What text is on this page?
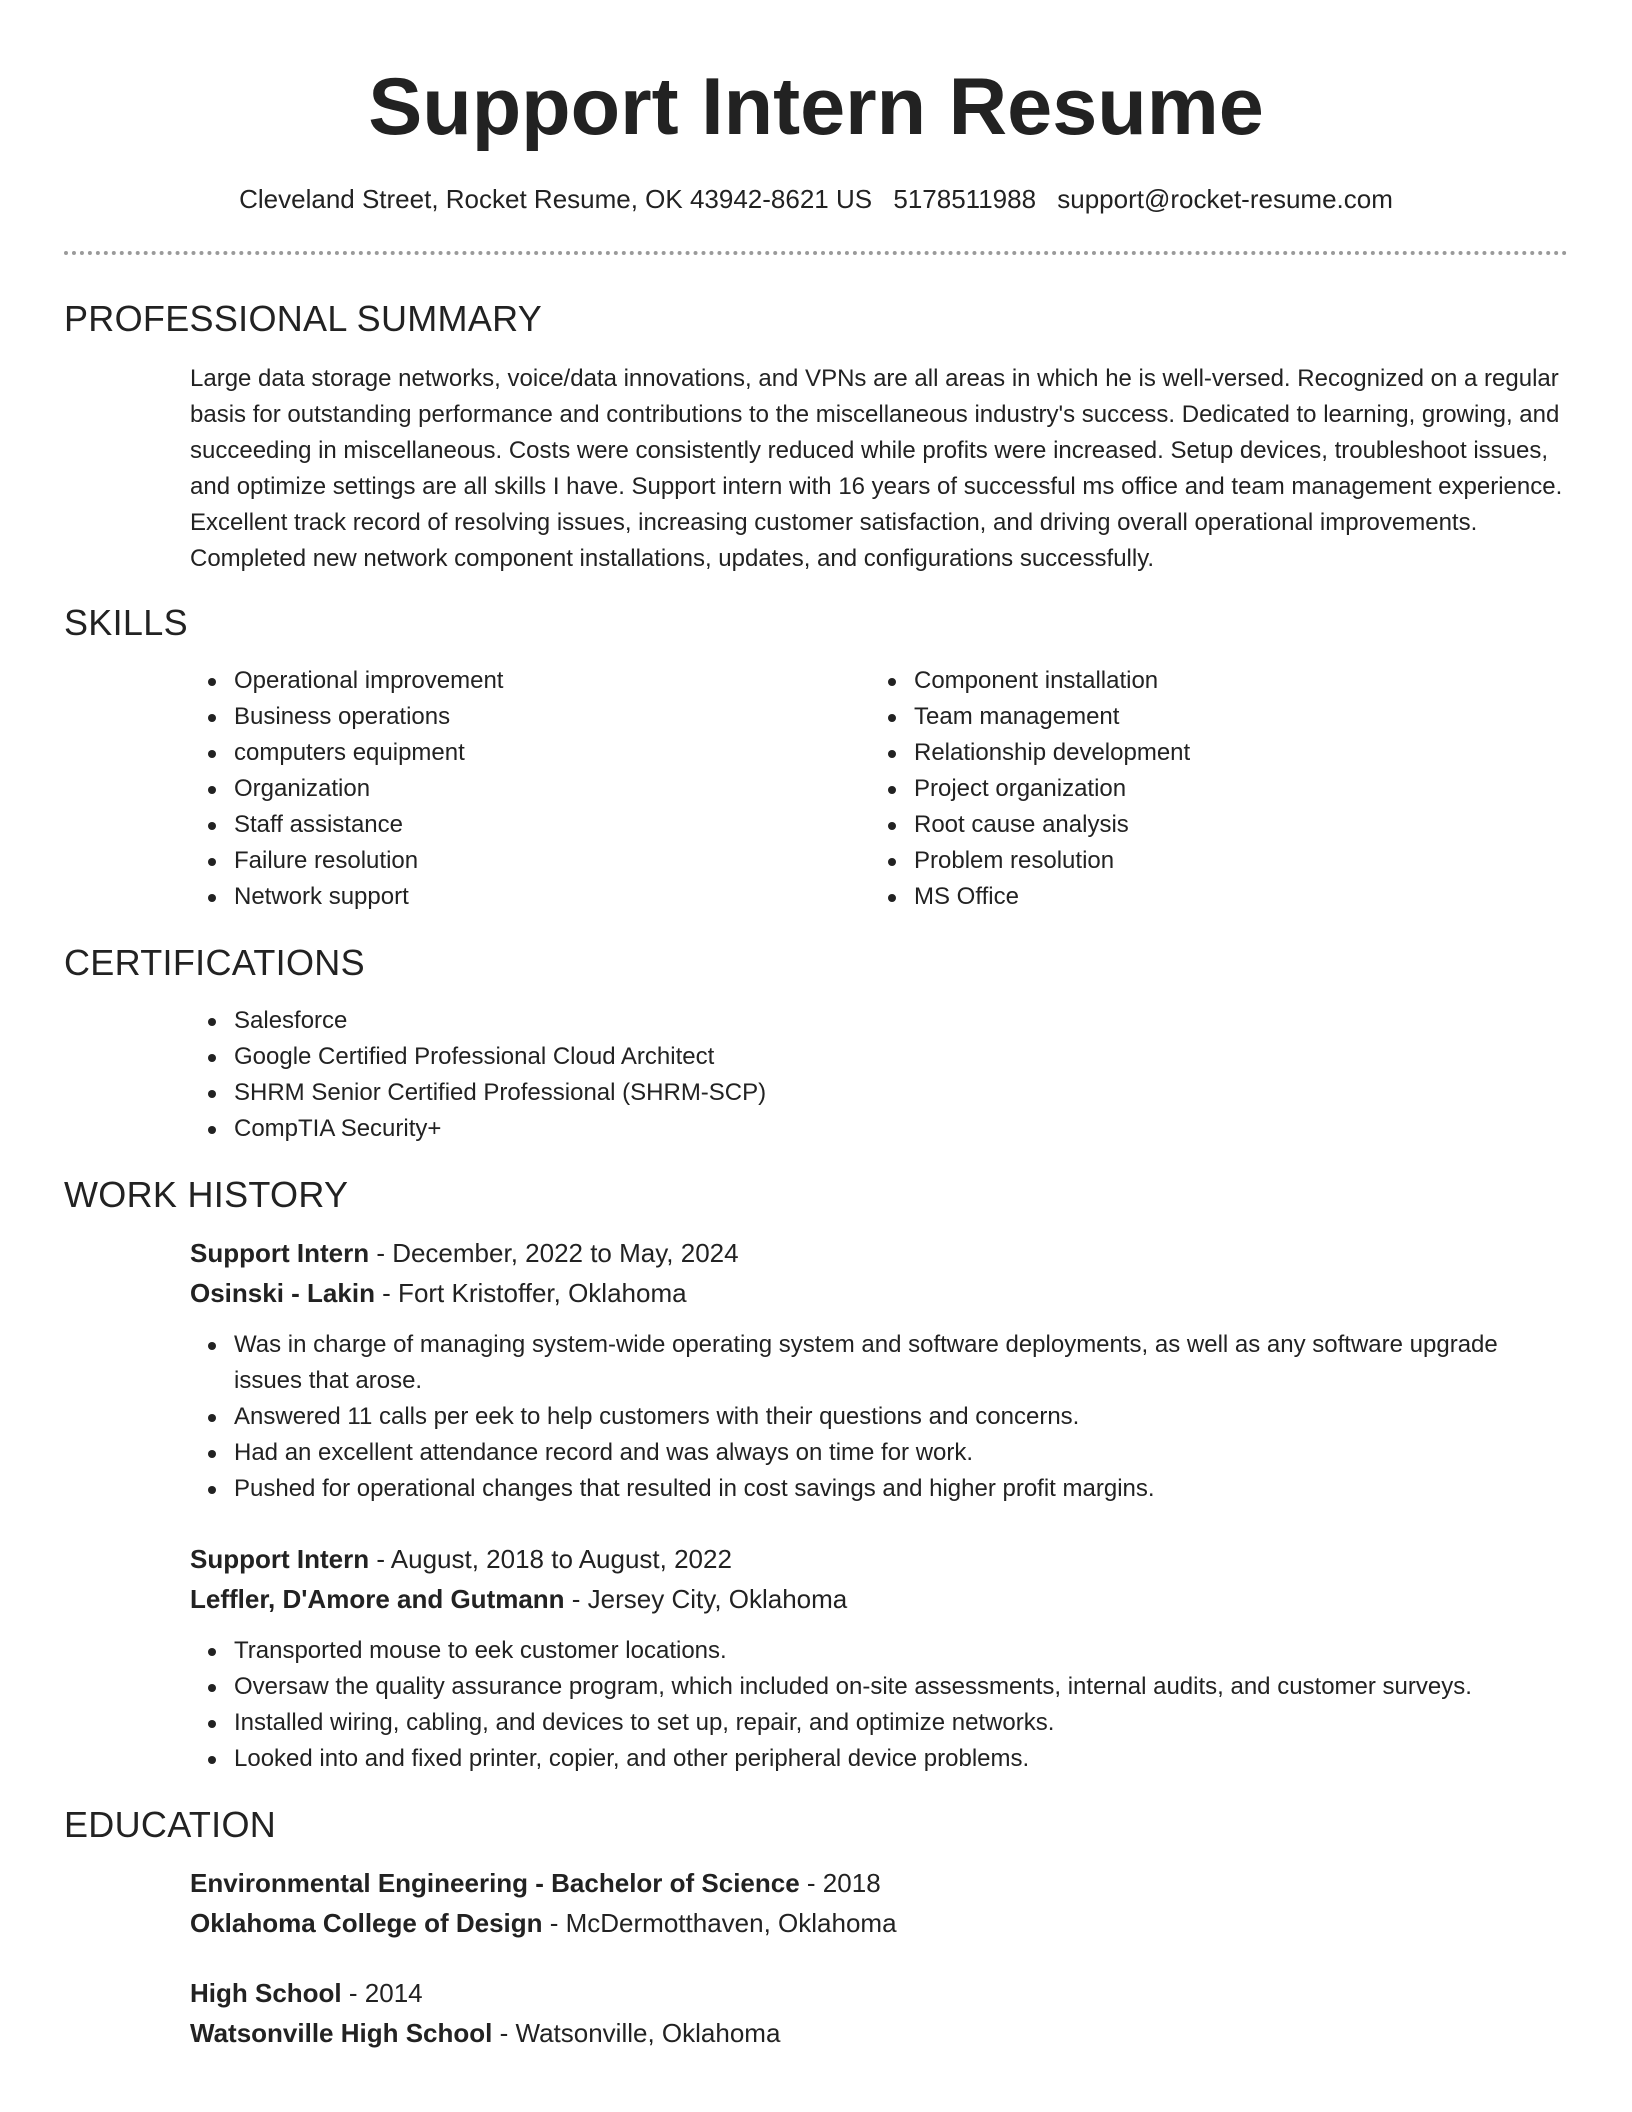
Support Intern Resume
Cleveland Street, Rocket Resume, OK 43942-8621 US 5178511988 support@rocket-resume.com
PROFESSIONAL SUMMARY

Large data storage networks, voice/data innovations, and VPNs are all areas in which he is well-versed. Recognized on a regular basis for outstanding performance and contributions to the miscellaneous industry's success. Dedicated to learning, growing, and succeeding in miscellaneous. Costs were consistently reduced while profits were increased. Setup devices, troubleshoot issues, and optimize settings are all skills I have. Support intern with 16 years of successful ms office and team management experience. Excellent track record of resolving issues, increasing customer satisfaction, and driving overall operational improvements. Completed new network component installations, updates, and configurations successfully.

SKILLS
Operational improvement
Business operations
computers equipment
Organization
Staff assistance
Failure resolution
Network support
Component installation
Team management
Relationship development
Project organization
Root cause analysis
Problem resolution
MS Office
CERTIFICATIONS
Salesforce
Google Certified Professional Cloud Architect
SHRM Senior Certified Professional (SHRM-SCP)
CompTIA Security+
WORK HISTORY
Support Intern - December, 2022 to May, 2024
Osinski - Lakin - Fort Kristoffer, Oklahoma
Was in charge of managing system-wide operating system and software deployments, as well as any software upgrade issues that arose.
Answered 11 calls per eek to help customers with their questions and concerns.
Had an excellent attendance record and was always on time for work.
Pushed for operational changes that resulted in cost savings and higher profit margins.
Support Intern - August, 2018 to August, 2022
Leffler, D'Amore and Gutmann - Jersey City, Oklahoma
Transported mouse to eek customer locations.
Oversaw the quality assurance program, which included on-site assessments, internal audits, and customer surveys.
Installed wiring, cabling, and devices to set up, repair, and optimize networks.
Looked into and fixed printer, copier, and other peripheral device problems.
EDUCATION
Environmental Engineering - Bachelor of Science - 2018
Oklahoma College of Design - McDermotthaven, Oklahoma
High School - 2014
Watsonville High School - Watsonville, Oklahoma
